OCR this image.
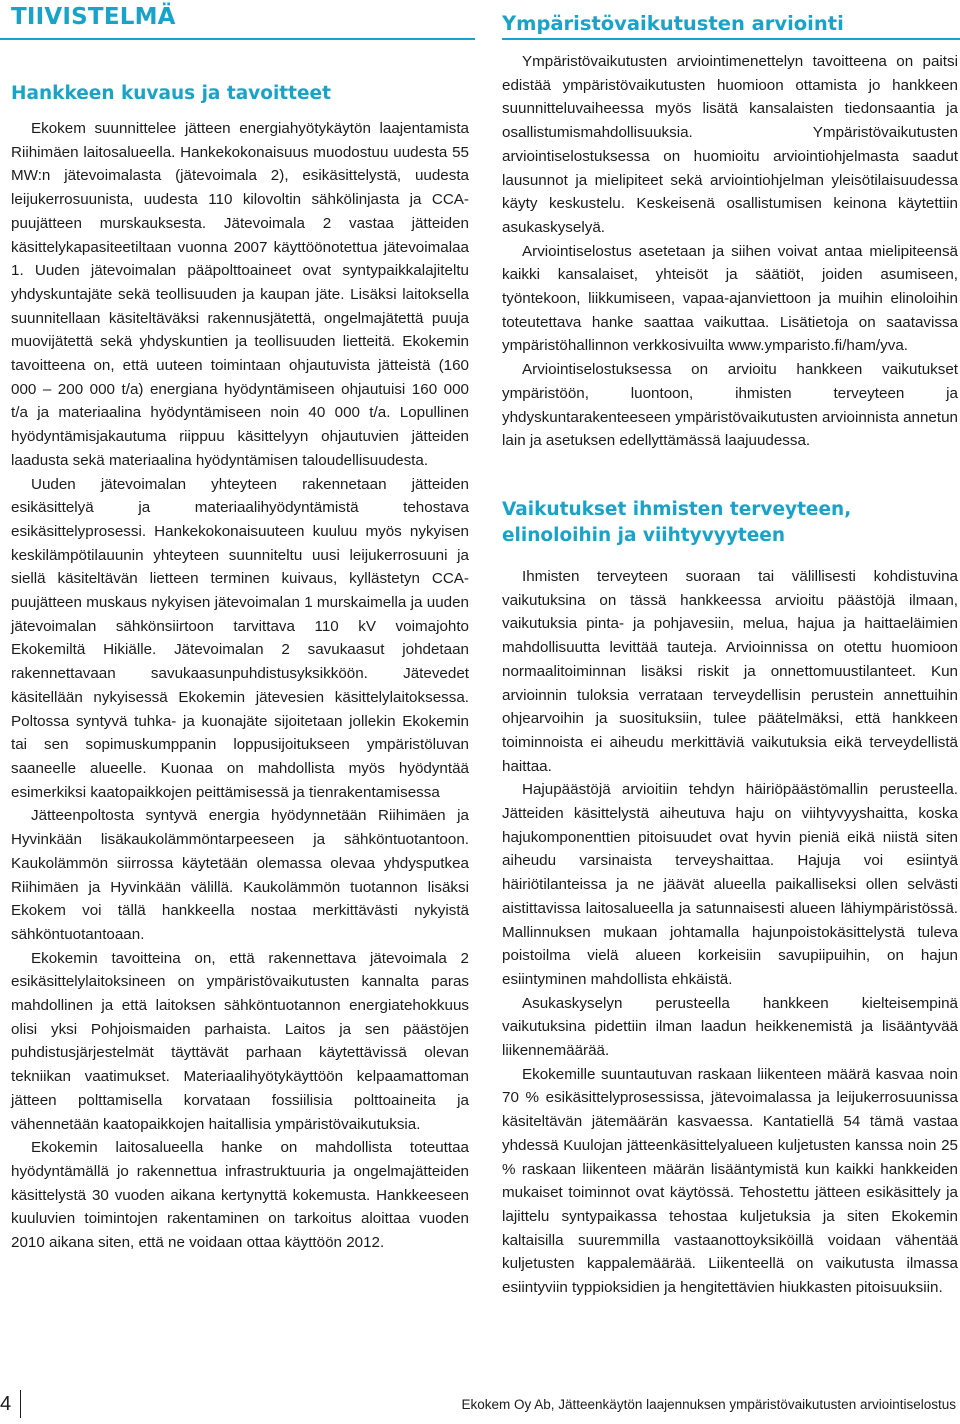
TIIVISTELMÄ	Ympäristövaikutusten arviointi
Hankkeen kuvaus ja tavoitteet

Ekokem suunnittelee jätteen energiahyötykäytön laajentamista Riihimäen laitosalueella. Hankekokonaisuus muodostuu uudesta 55 MW:n jätevoimalasta (jätevoimala 2), esikäsittelystä, uudesta leijukerrosuunista, uudesta 110 kilovoltin sähkölinjasta ja CCA-puujätteen murskauksesta. Jätevoimala 2 vastaa jätteiden käsittelykapasiteetiltaan vuonna 2007 käyttöönotettua jätevoimalaa 1. Uuden jätevoimalan pääpolttoaineet ovat syntypaikkalajiteltu yhdyskuntajäte sekä teollisuuden ja kaupan jäte. Lisäksi laitoksella suunnitellaan käsiteltäväksi rakennusjätettä, ongelmajätettä puuja muovijätettä sekä yhdyskuntien ja teollisuuden lietteitä. Ekokemin tavoitteena on, että uuteen toimintaan ohjautuvista jätteistä (160 000 – 200 000 t/a) energiana hyödyntämiseen ohjautuisi 160 000 t/a ja materiaalina hyödyntämiseen noin 40 000 t/a. Lopullinen hyödyntämisjakautuma riippuu käsittelyyn ohjautuvien jätteiden laadusta sekä materiaalina hyödyntämisen taloudellisuudesta.

Uuden jätevoimalan yhteyteen rakennetaan jätteiden esikäsittelyä ja materiaalihyödyntämistä tehostava esikäsittelyprosessi. Hankekokonaisuuteen kuuluu myös nykyisen keskilämpötilauunin yhteyteen suunniteltu uusi leijukerrosuuni ja siellä käsiteltävän lietteen terminen kuivaus, kyllästetyn CCA-puujätteen muskaus nykyisen jätevoimalan 1 murskaimella ja uuden jätevoimalan sähkönsiirtoon tarvittava 110 kV voimajohto Ekokemiltä Hikiälle. Jätevoimalan 2 savukaasut johdetaan rakennettavaan savukaasunpuhdistusyksikköön. Jätevedet käsitellään nykyisessä Ekokemin jätevesien käsittelylaitoksessa. Poltossa syntyvä tuhka- ja kuonajäte sijoitetaan jollekin Ekokemin tai sen sopimuskumppanin loppusijoitukseen ympäristöluvan saaneelle alueelle. Kuonaa on mahdollista myös hyödyntää esimerkiksi kaatopaikkojen peittämisessä ja tienrakentamisessa

Jätteenpoltosta syntyvä energia hyödynnetään Riihimäen ja Hyvinkään lisäkaukolämmöntarpeeseen ja sähköntuotantoon. Kaukolämmön siirrossa käytetään olemassa olevaa yhdysputkea Riihimäen ja Hyvinkään välillä. Kaukolämmön tuotannon lisäksi Ekokem voi tällä hankkeella nostaa merkittävästi nykyistä sähköntuotantoaan.

Ekokemin tavoitteina on, että rakennettava jätevoimala 2 esikäsittelylaitoksineen on ympäristövaikutusten kannalta paras mahdollinen ja että laitoksen sähköntuotannon energiatehokkuus olisi yksi Pohjoismaiden parhaista. Laitos ja sen päästöjen puhdistusjärjestelmät täyttävät parhaan käytettävissä olevan tekniikan vaatimukset. Materiaalihyötykäyttöön kelpaamattoman jätteen polttamisella korvataan fossiilisia polttoaineita ja vähennetään kaatopaikkojen haitallisia ympäristövaikutuksia.

Ekokemin laitosalueella hanke on mahdollista toteuttaa hyödyntämällä jo rakennettua infrastruktuuria ja ongelmajätteiden käsittelystä 30 vuoden aikana kertynyttä kokemusta. Hankkeeseen kuuluvien toimintojen rakentaminen on tarkoitus aloittaa vuoden 2010 aikana siten, että ne voidaan ottaa käyttöön 2012.

Ympäristövaikutusten arviointimenettelyn tavoitteena on paitsi edistää ympäristövaikutusten huomioon ottamista jo hankkeen suunnitteluvaiheessa myös lisätä kansalaisten tiedonsaantia ja osallistumismahdollisuuksia. Ympäristövaikutusten arviointiselostuksessa on huomioitu arviointiohjelmasta saadut lausunnot ja mielipiteet sekä arviointiohjelman yleisötilaisuudessa käyty keskustelu. Keskeisenä osallistumisen keinona käytettiin asukaskyselyä.

Arviointiselostus asetetaan ja siihen voivat antaa mielipiteensä kaikki kansalaiset, yhteisöt ja säätiöt, joiden asumiseen, työntekoon, liikkumiseen, vapaa-ajanviettoon ja muihin elinoloihin toteutettava hanke saattaa vaikuttaa. Lisätietoja on saatavissa ympäristöhallinnon verkkosivuilta www.ymparisto.fi/ham/yva.

Arviointiselostuksessa on arvioitu hankkeen vaikutukset ympäristöön, luontoon, ihmisten terveyteen ja yhdyskuntarakenteeseen ympäristövaikutusten arvioinnista annetun lain ja asetuksen edellyttämässä laajuudessa.

Vaikutukset ihmisten terveyteen, elinoloihin ja viihtyvyyteen

Ihmisten terveyteen suoraan tai välillisesti kohdistuvina vaikutuksina on tässä hankkeessa arvioitu päästöjä ilmaan, vaikutuksia pinta- ja pohjavesiin, melua, hajua ja haittaeläimien mahdollisuutta levittää tauteja. Arvioinnissa on otettu huomioon normaalitoiminnan lisäksi riskit ja onnettomuustilanteet. Kun arvioinnin tuloksia verrataan terveydellisin perustein annettuihin ohjearvoihin ja suosituksiin, tulee päätelmäksi, että hankkeen toiminnoista ei aiheudu merkittäviä vaikutuksia eikä terveydellistä haittaa.

Hajupäästöjä arvioitiin tehdyn häiriöpäästömallin perusteella. Jätteiden käsittelystä aiheutuva haju on viihtyvyyshaitta, koska hajukomponenttien pitoisuudet ovat hyvin pieniä eikä niistä siten aiheudu varsinaista terveyshaittaa. Hajuja voi esiintyä häiriötilanteissa ja ne jäävät alueella paikalliseksi ollen selvästi aistittavissa laitosalueella ja satunnaisesti alueen lähiympäristössä. Mallinnuksen mukaan johtamalla hajunpoistokäsittelystä tuleva poistoilma vielä alueen korkeisiin savupiipuihin, on hajun esiintyminen mahdollista ehkäistä.

Asukaskyselyn perusteella hankkeen kielteisempinä vaikutuksina pidettiin ilman laadun heikkenemistä ja lisääntyvää liikennemäärää.

Ekokemille suuntautuvan raskaan liikenteen määrä kasvaa noin 70 % esikäsittelyprosessissa, jätevoimalassa ja leijukerrosuunissa käsiteltävän jätemäärän kasvaessa. Kantatiellä 54 tämä vastaa yhdessä Kuulojan jätteenkäsittelyalueen kuljetusten kanssa noin 25 % raskaan liikenteen määrän lisääntymistä kun kaikki hankkeiden mukaiset toiminnot ovat käytössä. Tehostettu jätteen esikäsittely ja lajittelu syntypaikassa tehostaa kuljetuksia ja siten Ekokemin kaltaisilla suuremmilla vastaanottoyksiköillä voidaan vähentää kuljetusten kappalemäärää. Liikenteellä on vaikutusta ilmassa esiintyviin typpioksidien ja hengitettävien hiukkasten pitoisuuksiin.

4	Ekokem Oy Ab, Jätteenkäytön laajennuksen ympäristövaikutusten arviointiselostus
